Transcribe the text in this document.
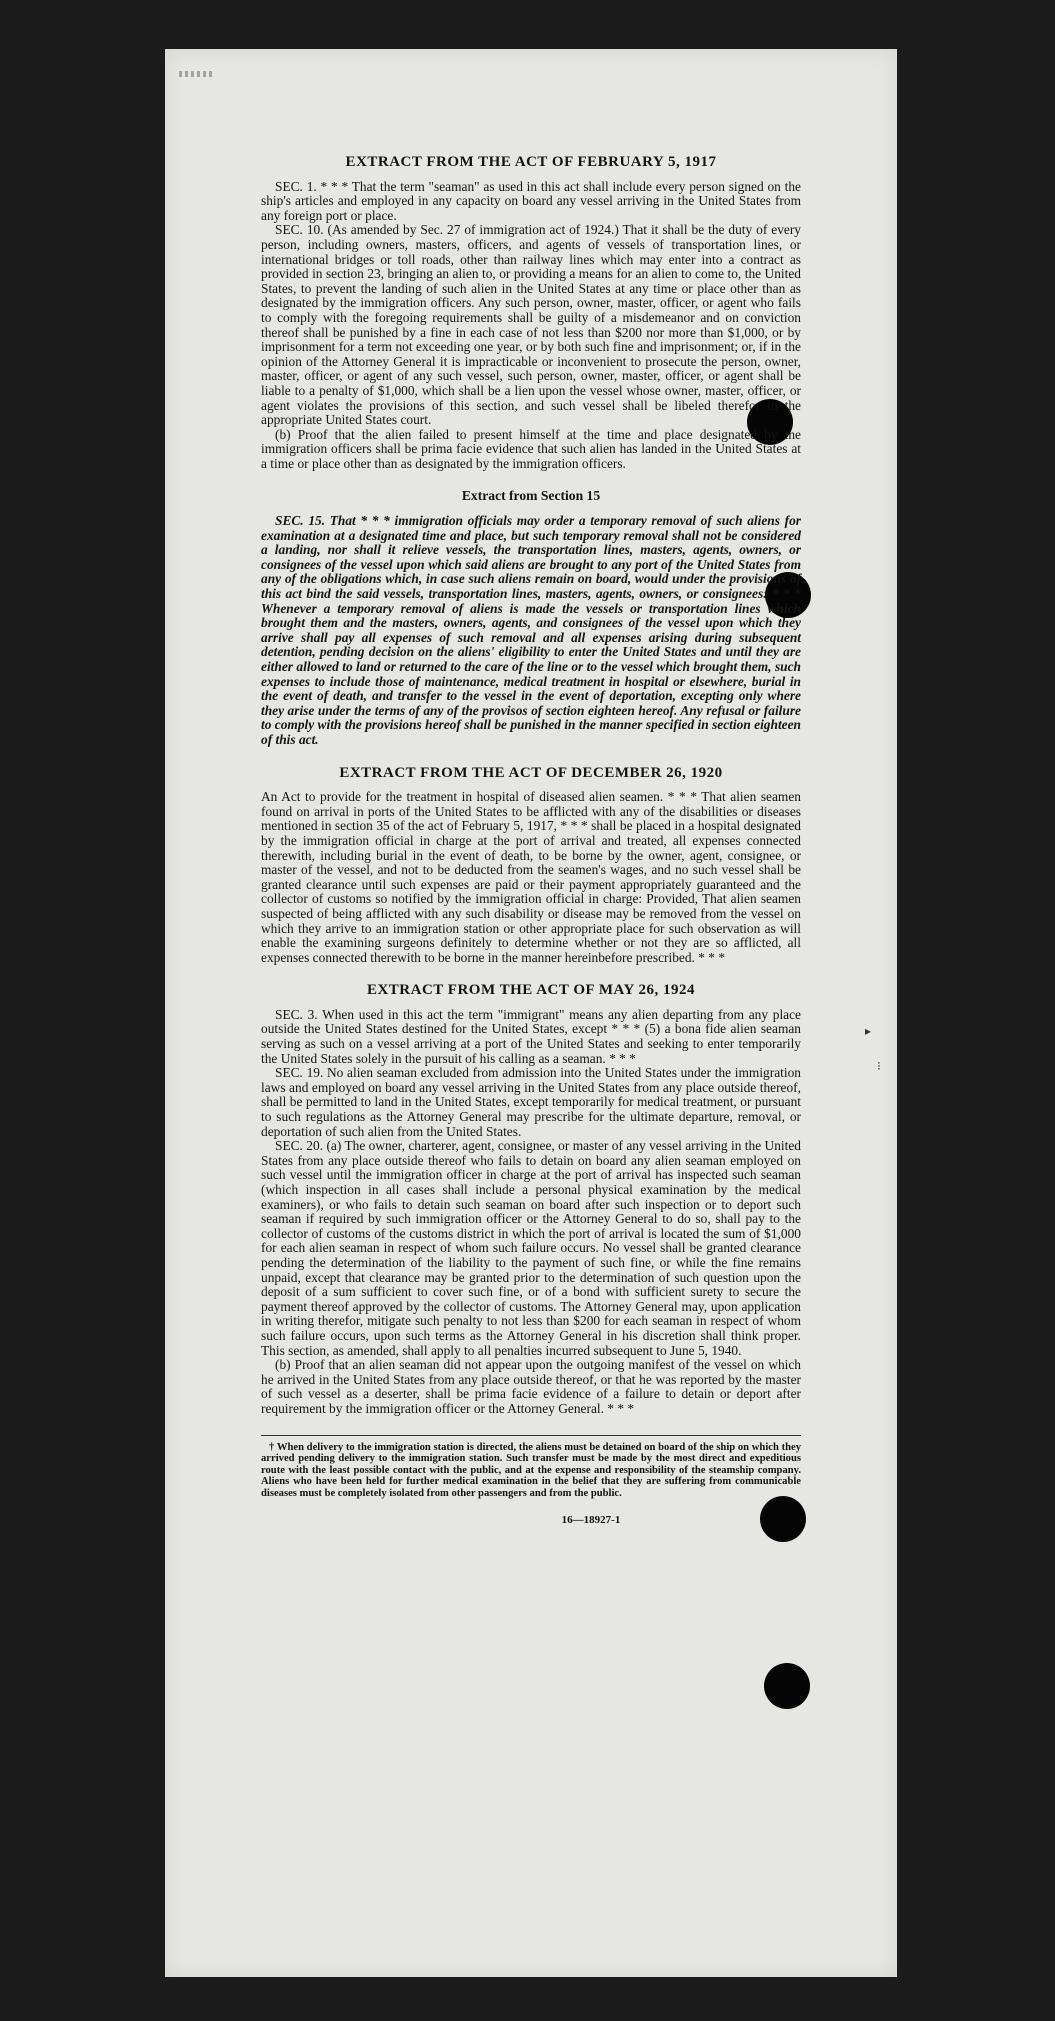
▸
⁝
EXTRACT FROM THE ACT OF FEBRUARY 5, 1917

SEC. 1. * * * That the term "seaman" as used in this act shall include every person signed on the ship's articles and employed in any capacity on board any vessel arriving in the United States from any foreign port or place.

SEC. 10. (As amended by Sec. 27 of immigration act of 1924.) That it shall be the duty of every person, including owners, masters, officers, and agents of vessels of transportation lines, or international bridges or toll roads, other than railway lines which may enter into a contract as provided in section 23, bringing an alien to, or providing a means for an alien to come to, the United States, to prevent the landing of such alien in the United States at any time or place other than as designated by the immigration officers. Any such person, owner, master, officer, or agent who fails to comply with the foregoing requirements shall be guilty of a misdemeanor and on conviction thereof shall be punished by a fine in each case of not less than $200 nor more than $1,000, or by imprisonment for a term not exceeding one year, or by both such fine and imprisonment; or, if in the opinion of the Attorney General it is impracticable or inconvenient to prosecute the person, owner, master, officer, or agent of any such vessel, such person, owner, master, officer, or agent shall be liable to a penalty of $1,000, which shall be a lien upon the vessel whose owner, master, officer, or agent violates the provisions of this section, and such vessel shall be libeled therefor in the appropriate United States court.

(b) Proof that the alien failed to present himself at the time and place designated by the immigration officers shall be prima facie evidence that such alien has landed in the United States at a time or place other than as designated by the immigration officers.

Extract from Section 15

SEC. 15. That * * * immigration officials may order a temporary removal of such aliens for examination at a designated time and place, but such temporary removal shall not be considered a landing, nor shall it relieve vessels, the transportation lines, masters, agents, owners, or consignees of the vessel upon which said aliens are brought to any port of the United States from any of the obligations which, in case such aliens remain on board, would under the provisions of this act bind the said vessels, transportation lines, masters, agents, owners, or consignees: * * * Whenever a temporary removal of aliens is made the vessels or transportation lines which brought them and the masters, owners, agents, and consignees of the vessel upon which they arrive shall pay all expenses of such removal and all expenses arising during subsequent detention, pending decision on the aliens' eligibility to enter the United States and until they are either allowed to land or returned to the care of the line or to the vessel which brought them, such expenses to include those of maintenance, medical treatment in hospital or elsewhere, burial in the event of death, and transfer to the vessel in the event of deportation, excepting only where they arise under the terms of any of the provisos of section eighteen hereof. Any refusal or failure to comply with the provisions hereof shall be punished in the manner specified in section eighteen of this act.

EXTRACT FROM THE ACT OF DECEMBER 26, 1920

An Act to provide for the treatment in hospital of diseased alien seamen. * * * That alien seamen found on arrival in ports of the United States to be afflicted with any of the disabilities or diseases mentioned in section 35 of the act of February 5, 1917, * * * shall be placed in a hospital designated by the immigration official in charge at the port of arrival and treated, all expenses connected therewith, including burial in the event of death, to be borne by the owner, agent, consignee, or master of the vessel, and not to be deducted from the seamen's wages, and no such vessel shall be granted clearance until such expenses are paid or their payment appropriately guaranteed and the collector of customs so notified by the immigration official in charge: Provided, That alien seamen suspected of being afflicted with any such disability or disease may be removed from the vessel on which they arrive to an immigration station or other appropriate place for such observation as will enable the examining surgeons definitely to determine whether or not they are so afflicted, all expenses connected therewith to be borne in the manner hereinbefore prescribed. * * *

EXTRACT FROM THE ACT OF MAY 26, 1924

SEC. 3. When used in this act the term "immigrant" means any alien departing from any place outside the United States destined for the United States, except * * * (5) a bona fide alien seaman serving as such on a vessel arriving at a port of the United States and seeking to enter temporarily the United States solely in the pursuit of his calling as a seaman. * * *

SEC. 19. No alien seaman excluded from admission into the United States under the immigration laws and employed on board any vessel arriving in the United States from any place outside thereof, shall be permitted to land in the United States, except temporarily for medical treatment, or pursuant to such regulations as the Attorney General may prescribe for the ultimate departure, removal, or deportation of such alien from the United States.

SEC. 20. (a) The owner, charterer, agent, consignee, or master of any vessel arriving in the United States from any place outside thereof who fails to detain on board any alien seaman employed on such vessel until the immigration officer in charge at the port of arrival has inspected such seaman (which inspection in all cases shall include a personal physical examination by the medical examiners), or who fails to detain such seaman on board after such inspection or to deport such seaman if required by such immigration officer or the Attorney General to do so, shall pay to the collector of customs of the customs district in which the port of arrival is located the sum of $1,000 for each alien seaman in respect of whom such failure occurs. No vessel shall be granted clearance pending the determination of the liability to the payment of such fine, or while the fine remains unpaid, except that clearance may be granted prior to the determination of such question upon the deposit of a sum sufficient to cover such fine, or of a bond with sufficient surety to secure the payment thereof approved by the collector of customs. The Attorney General may, upon application in writing therefor, mitigate such penalty to not less than $200 for each seaman in respect of whom such failure occurs, upon such terms as the Attorney General in his discretion shall think proper. This section, as amended, shall apply to all penalties incurred subsequent to June 5, 1940.

(b) Proof that an alien seaman did not appear upon the outgoing manifest of the vessel on which he arrived in the United States from any place outside thereof, or that he was reported by the master of such vessel as a deserter, shall be prima facie evidence of a failure to detain or deport after requirement by the immigration officer or the Attorney General. * * *

† When delivery to the immigration station is directed, the aliens must be detained on board of the ship on which they arrived pending delivery to the immigration station. Such transfer must be made by the most direct and expeditious route with the least possible contact with the public, and at the expense and responsibility of the steamship company. Aliens who have been held for further medical examination in the belief that they are suffering from communicable diseases must be completely isolated from other passengers and from the public.

16—18927-1
